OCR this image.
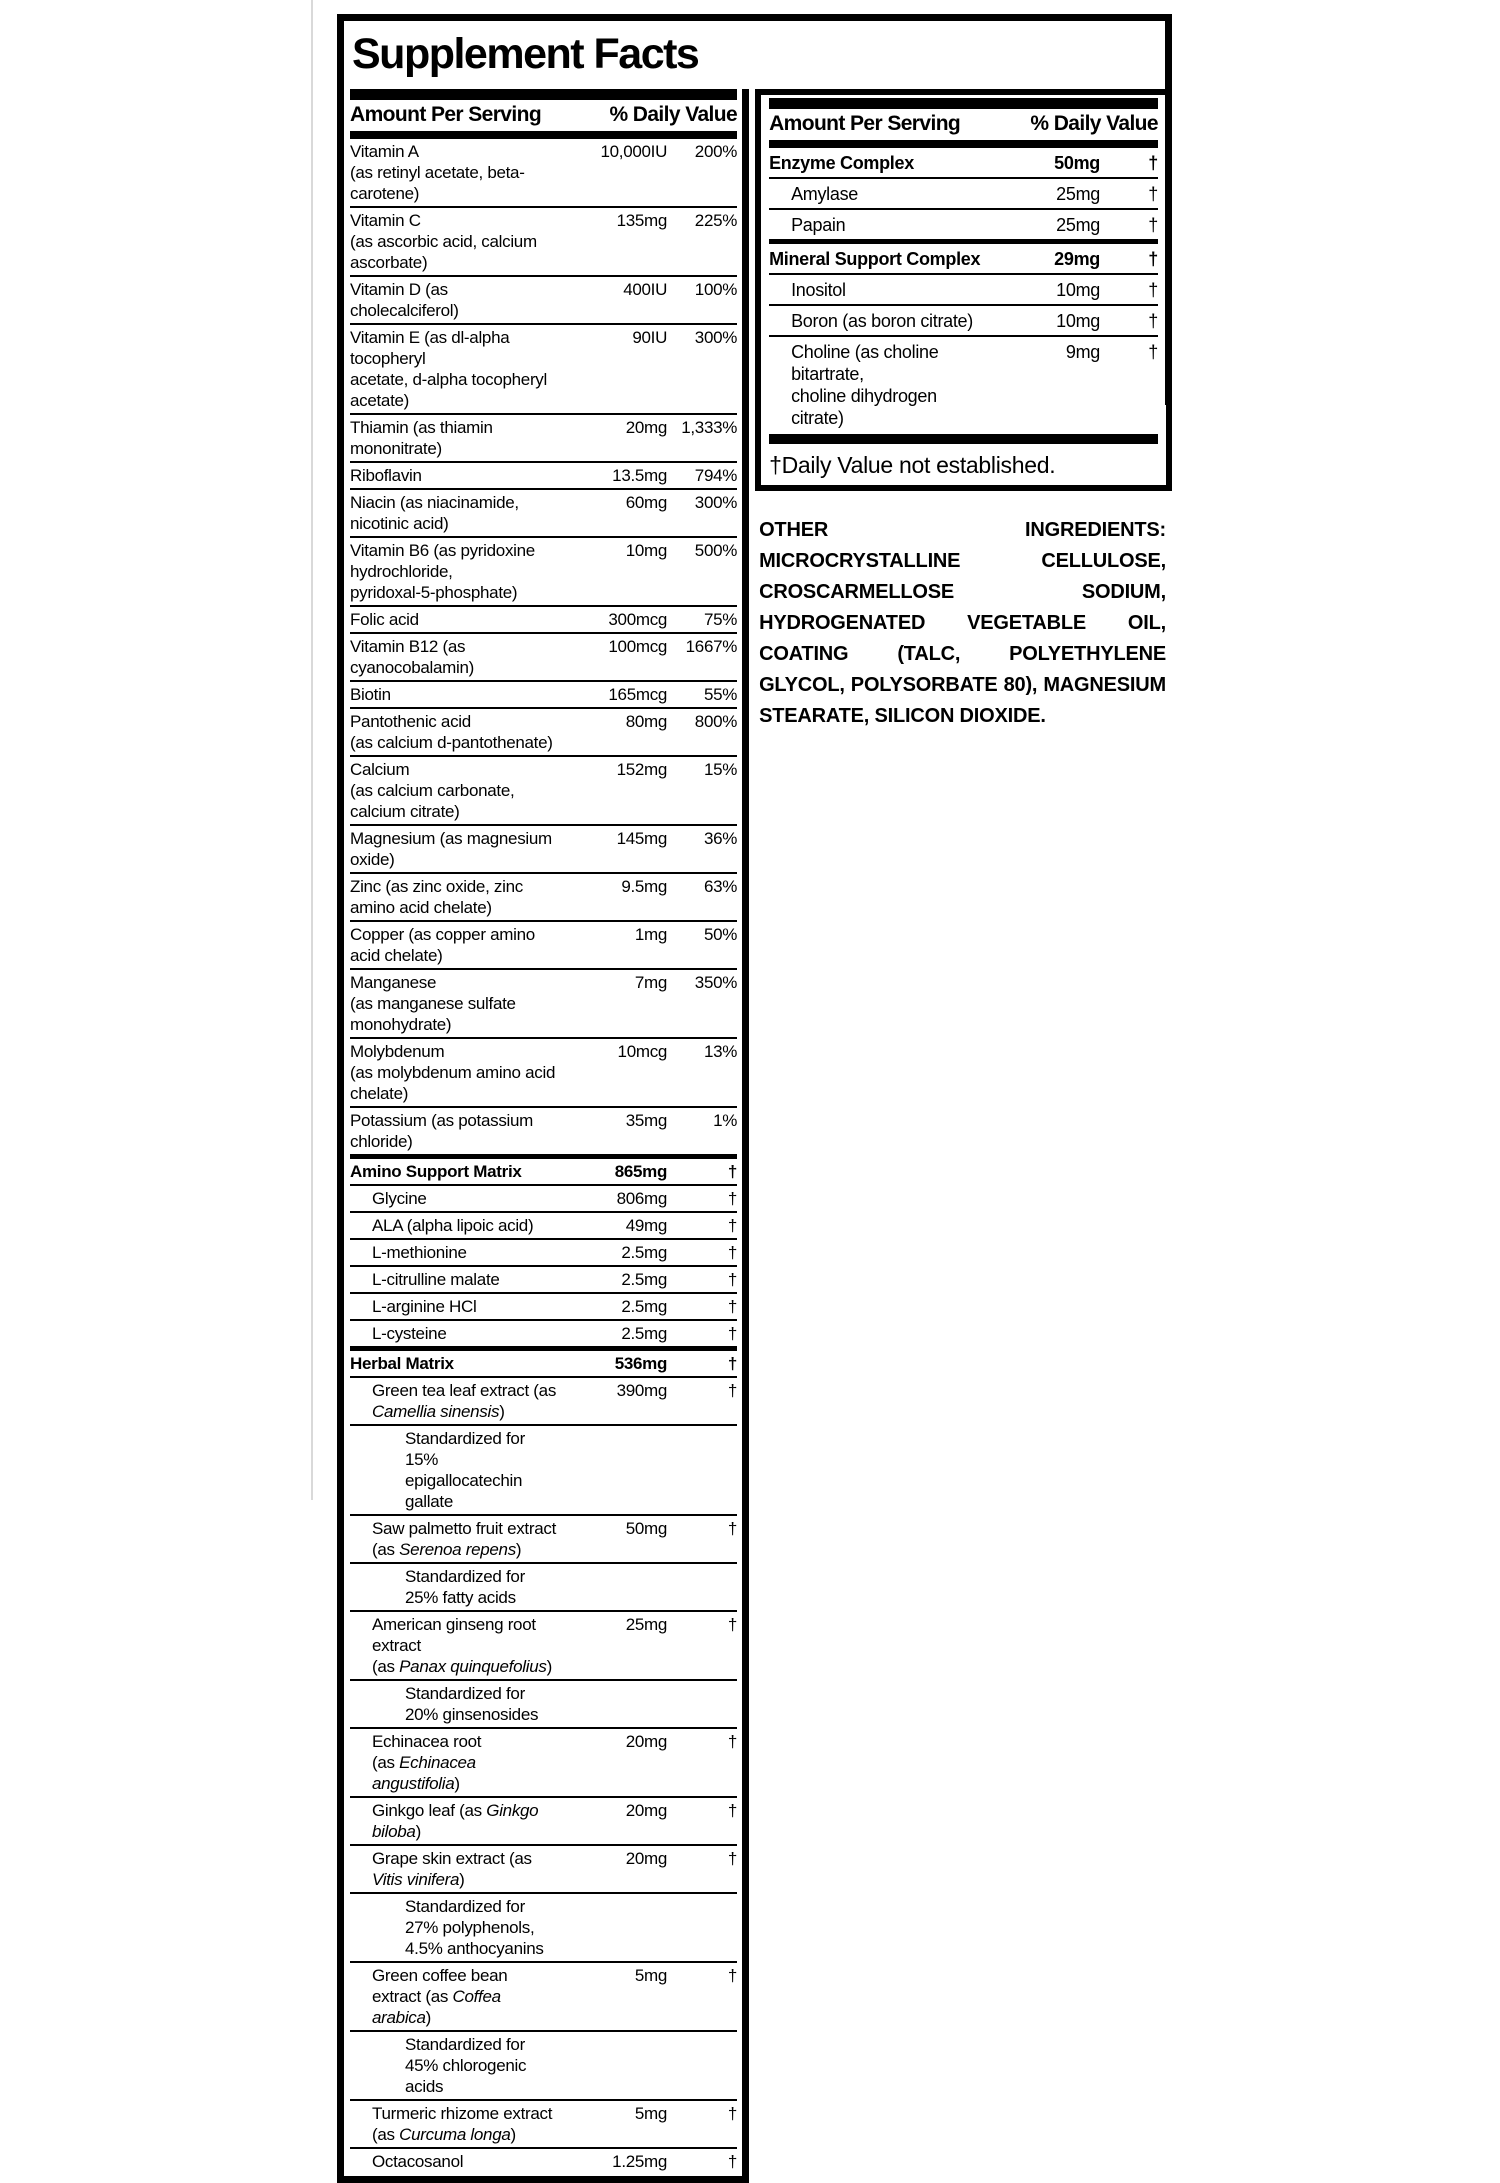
Supplement Facts
Amount Per Serving	% Daily Value
Vitamin A
(as retinyl acetate, beta-carotene)
10,000IU	200%
Vitamin C
(as ascorbic acid, calcium ascorbate)
135mg	225%
Vitamin D (as cholecalciferol)
400IU	100%
Vitamin E (as dl-alpha tocopheryl
acetate, d-alpha tocopheryl acetate)
90IU	300%
Thiamin (as thiamin mononitrate)
20mg 1,333%
Riboflavin	13.5mg	794%
Niacin (as niacinamide, nicotinic acid)
60mg	300%
Vitamin B6 (as pyridoxine hydrochloride,
pyridoxal-5-phosphate)
10mg	500%
Folic acid	300mcg	75%
Vitamin B12 (as cyanocobalamin)
100mcg	1667%
Biotin	165mcg	55%
Pantothenic acid
(as calcium d-pantothenate)
80mg	800%
Calcium
(as calcium carbonate, calcium citrate)
152mg	15%
Magnesium (as magnesium oxide)
145mg	36%
Zinc (as zinc oxide, zinc amino acid chelate)
9.5mg	63%
Copper (as copper amino acid chelate)
1mg	50%
Manganese
(as manganese sulfate monohydrate)
7mg	350%
Molybdenum
(as molybdenum amino acid chelate)
10mcg	13%
Potassium (as potassium chloride)
35mg	1%
Amino Support Matrix	865mg	†
Glycine	806mg	†
ALA (alpha lipoic acid)	49mg	†
L-methionine	2.5mg	†
L-citrulline malate	2.5mg	†
L-arginine HCl	2.5mg	†
L-cysteine	2.5mg	†
Herbal Matrix	536mg	†
Green tea leaf extract (as Camellia sinensis)
390mg	†
Standardized for 15% epigallocatechin gallate
Saw palmetto fruit extract (as Serenoa repens)
50mg	†
Standardized for 25% fatty acids
American ginseng root extract
(as Panax quinquefolius)
25mg	†
Standardized for 20% ginsenosides
Echinacea root
(as Echinacea angustifolia)
20mg	†
Ginkgo leaf (as Ginkgo biloba)
20mg	†
Grape skin extract (as Vitis vinifera)
20mg	†
Standardized for 27% polyphenols,
4.5% anthocyanins
Green coffee bean extract (as Coffea arabica)
5mg	†
Standardized for 45% chlorogenic acids
Turmeric rhizome extract (as Curcuma longa)
5mg	†
Octacosanol	1.25mg	†
Amount Per Serving	% Daily Value
Enzyme Complex	50mg	†
Amylase	25mg	†
Papain	25mg	†
Mineral Support Complex	29mg	†
Inositol	10mg	†
Boron (as boron citrate)	10mg	†
Choline (as choline bitartrate,
choline dihydrogen citrate)
9mg	†
†Daily Value not established.
OTHER INGREDIENTS: MICROCRYSTALLINE CELLULOSE, CROSCARMELLOSE SODIUM, HYDROGENATED VEGETABLE OIL, COATING (TALC, POLYETHYLENE GLYCOL, POLYSORBATE 80), MAGNESIUM STEARATE, SILICON DIOXIDE.
